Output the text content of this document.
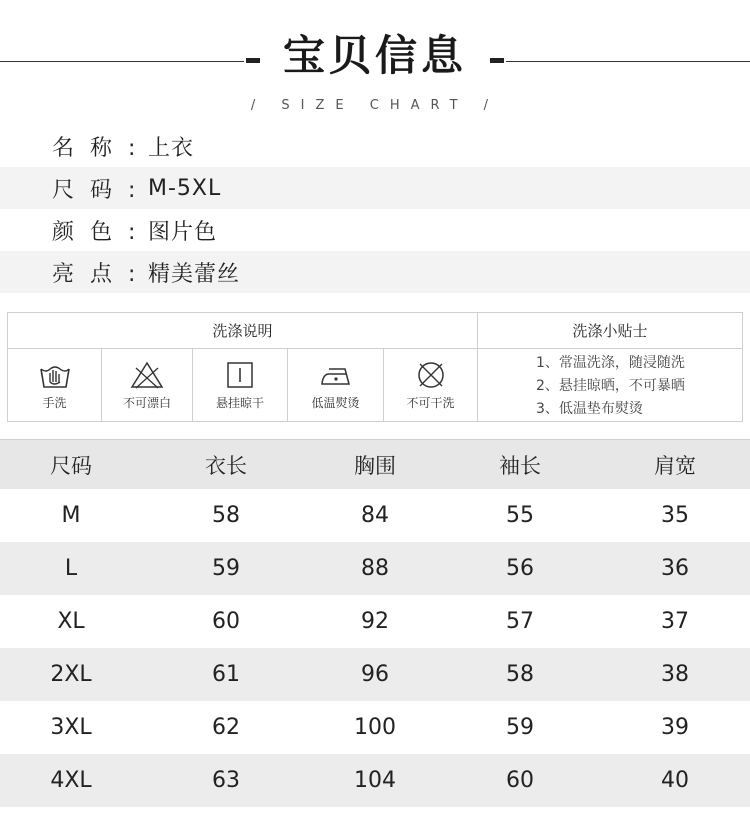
宝贝信息
/ SIZE CHART /
名称:
上衣
尺码:
M-5XL
颜色:
图片色
亮点:
精美蕾丝
洗涤说明	洗涤小贴士
手洗	不可漂白	悬挂晾干	低温熨烫	不可干洗
1、常温洗涤，随浸随洗
2、悬挂晾晒，不可暴晒
3、低温垫布熨烫
尺码	衣长	胸围	袖长	肩宽
M	58	84	55	35
L	59	88	56	36
XL	60	92	57	37
2XL	61	96	58	38
3XL	62	100	59	39
4XL	63	104	60	40
